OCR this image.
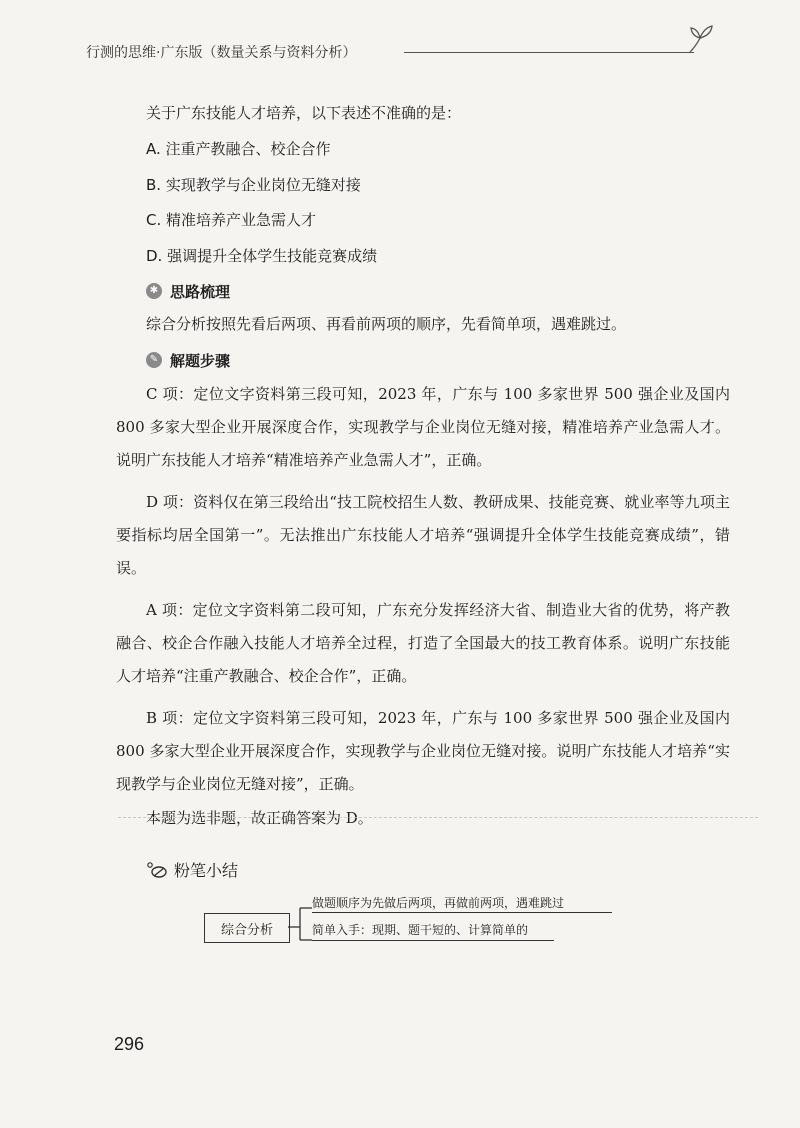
行测的思维·广东版（数量关系与资料分析）
关于广东技能人才培养，以下表述不准确的是：
A. 注重产教融合、校企合作
B. 实现教学与企业岗位无缝对接
C. 精准培养产业急需人才
D. 强调提升全体学生技能竞赛成绩
✱ 思路梳理

综合分析按照先看后两项、再看前两项的顺序，先看简单项，遇难跳过。

✎ 解题步骤

C 项：定位文字资料第三段可知，2023 年，广东与 100 多家世界 500 强企业及国内 800 多家大型企业开展深度合作，实现教学与企业岗位无缝对接，精准培养产业急需人才。说明广东技能人才培养“精准培养产业急需人才”，正确。

D 项：资料仅在第三段给出“技工院校招生人数、教研成果、技能竞赛、就业率等九项主要指标均居全国第一”。无法推出广东技能人才培养“强调提升全体学生技能竞赛成绩”，错误。

A 项：定位文字资料第二段可知，广东充分发挥经济大省、制造业大省的优势，将产教融合、校企合作融入技能人才培养全过程，打造了全国最大的技工教育体系。说明广东技能人才培养“注重产教融合、校企合作”，正确。

B 项：定位文字资料第三段可知，2023 年，广东与 100 多家世界 500 强企业及国内 800 多家大型企业开展深度合作，实现教学与企业岗位无缝对接。说明广东技能人才培养“实现教学与企业岗位无缝对接”，正确。

本题为选非题，故正确答案为 D。

粉笔小结
综合分析
做题顺序为先做后两项，再做前两项，遇难跳过
简单入手：现期、题干短的、计算简单的
296
